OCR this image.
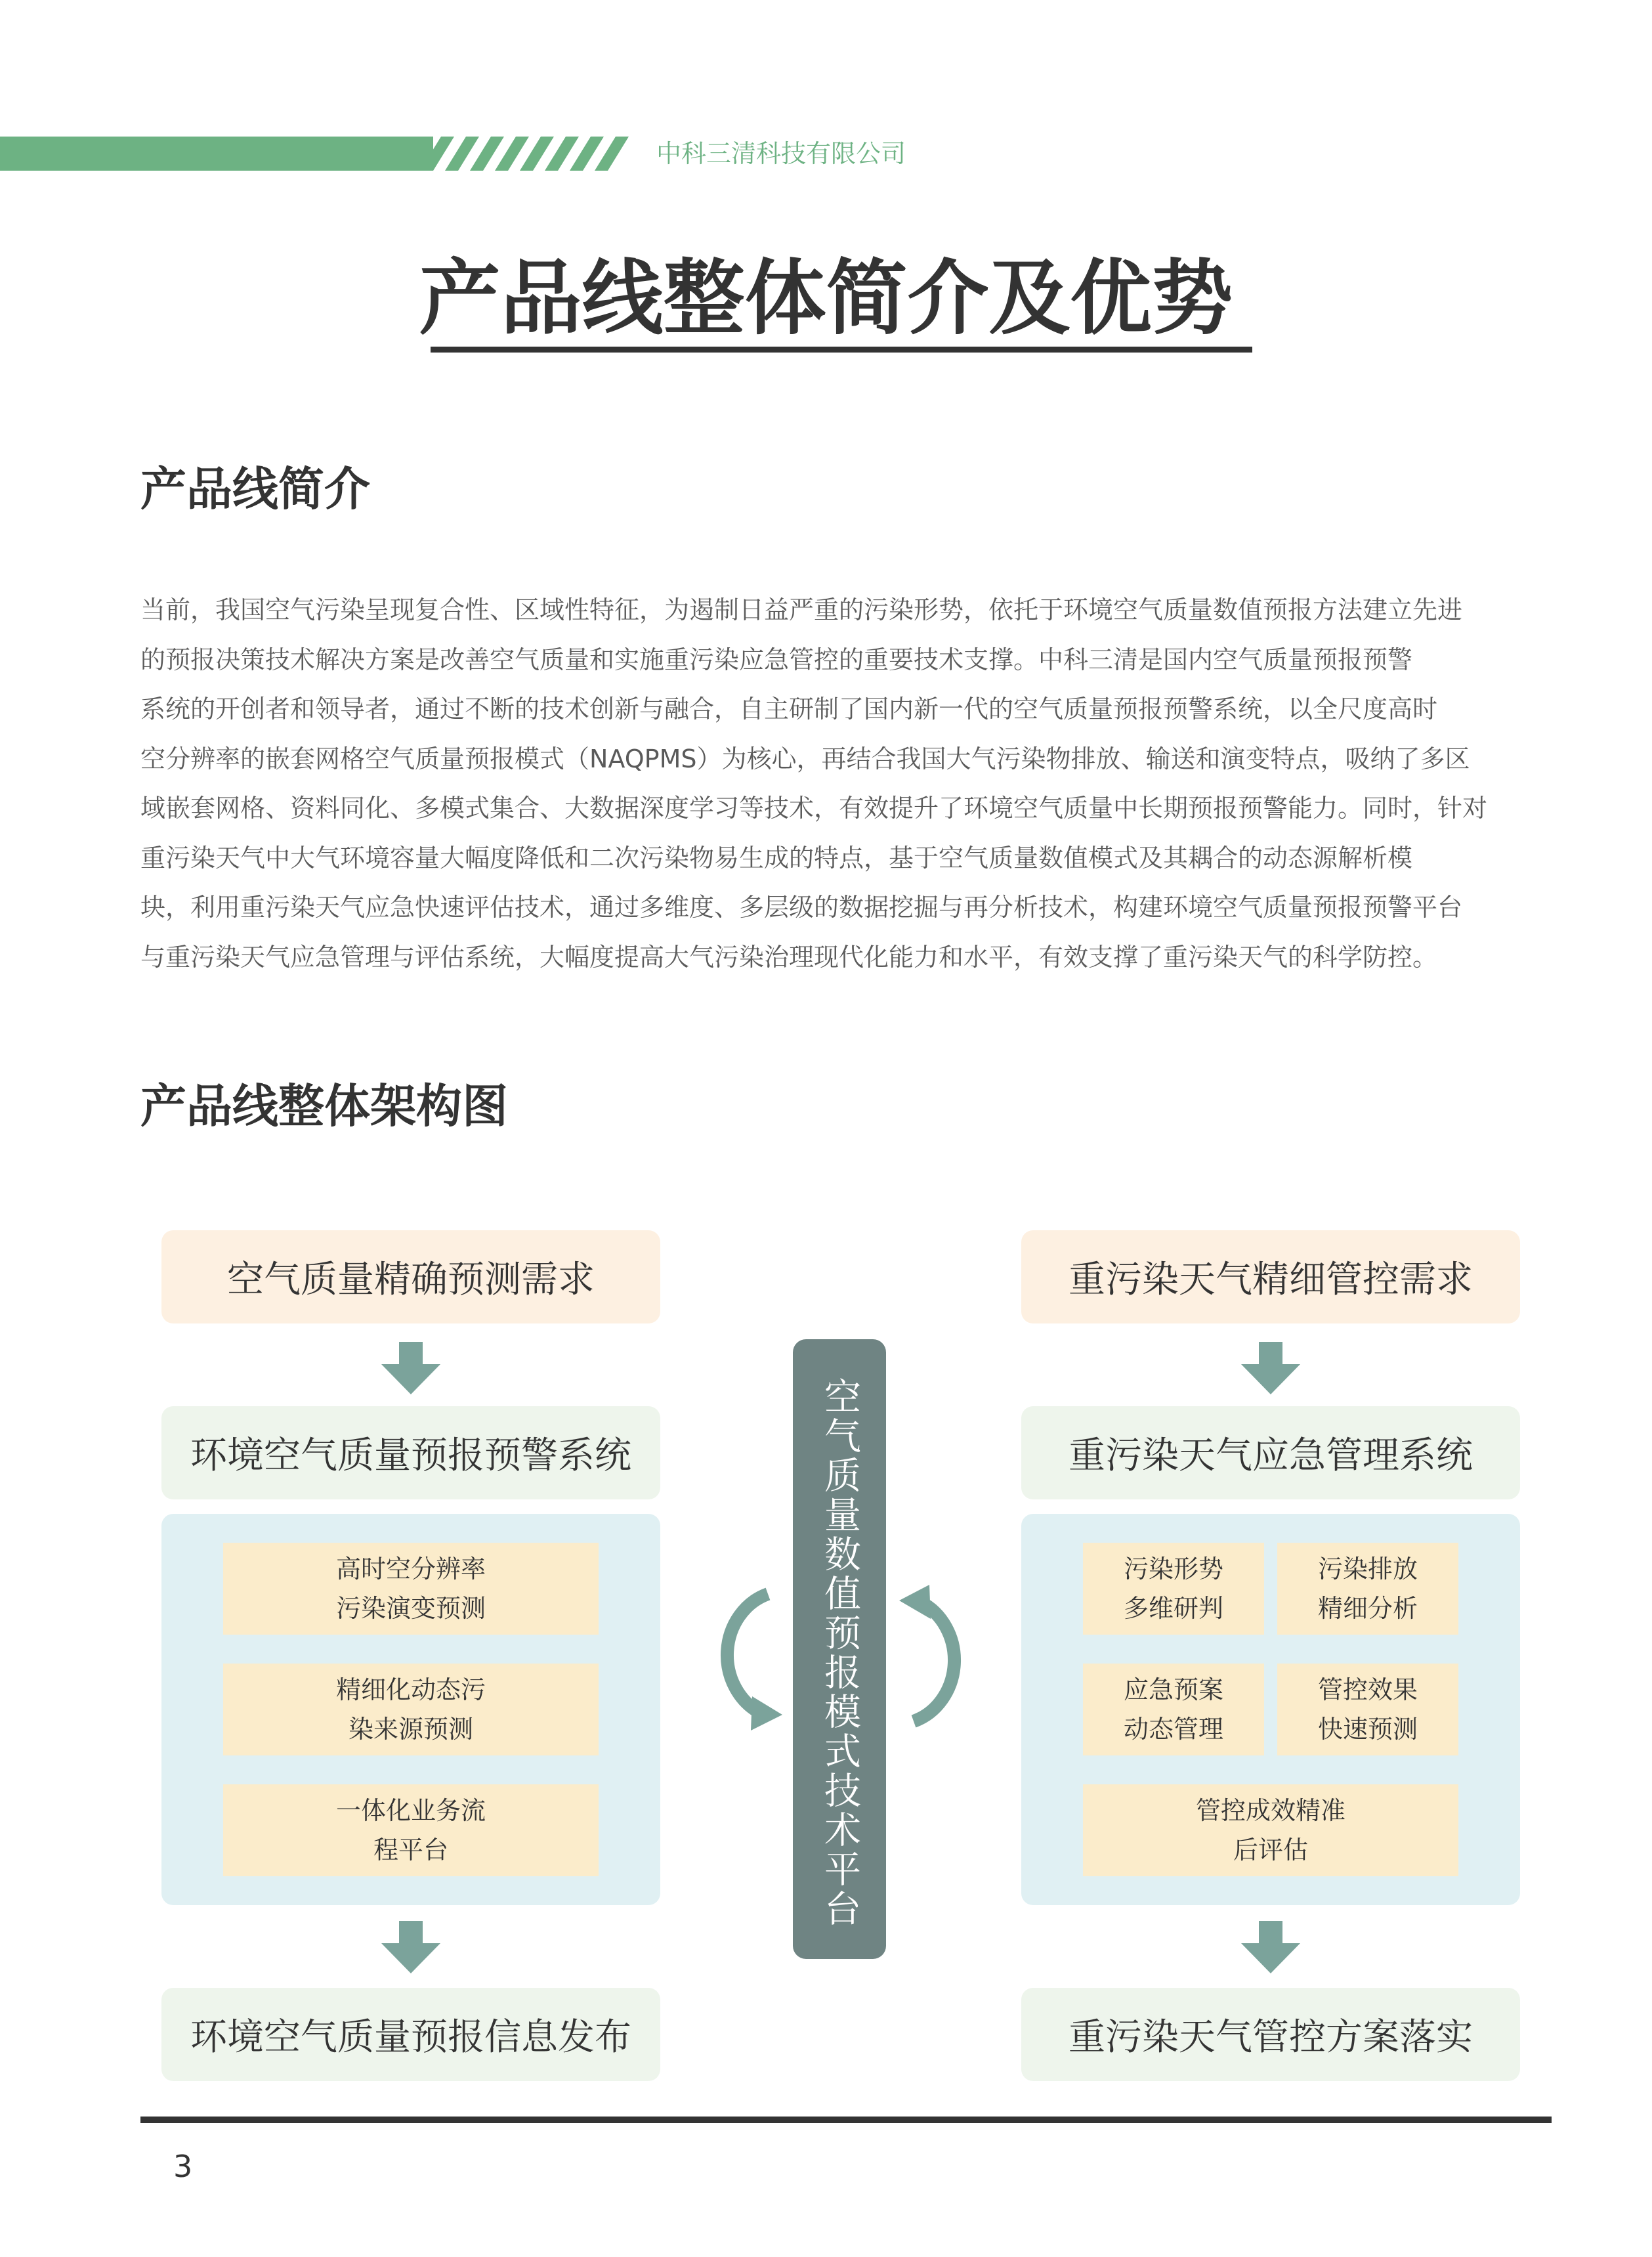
中科三清科技有限公司
产品线整体简介及优势
产品线简介
当前，我国空气污染呈现复合性、区域性特征，为遏制日益严重的污染形势，依托于环境空气质量数值预报方法建立先进
的预报决策技术解决方案是改善空气质量和实施重污染应急管控的重要技术支撑。中科三清是国内空气质量预报预警
系统的开创者和领导者，通过不断的技术创新与融合，自主研制了国内新一代的空气质量预报预警系统，以全尺度高时
空分辨率的嵌套网格空气质量预报模式（NAQPMS）为核心，再结合我国大气污染物排放、输送和演变特点，吸纳了多区
域嵌套网格、资料同化、多模式集合、大数据深度学习等技术，有效提升了环境空气质量中长期预报预警能力。同时，针对
重污染天气中大气环境容量大幅度降低和二次污染物易生成的特点，基于空气质量数值模式及其耦合的动态源解析模
块，利用重污染天气应急快速评估技术，通过多维度、多层级的数据挖掘与再分析技术，构建环境空气质量预报预警平台
与重污染天气应急管理与评估系统，大幅度提高大气污染治理现代化能力和水平，有效支撑了重污染天气的科学防控。
产品线整体架构图
空气质量精确预测需求
环境空气质量预报预警系统
高时空分辨率
污染演变预测
精细化动态污
染来源预测
一体化业务流
程平台
环境空气质量预报信息发布
空气质量数值预报模式技术平台
重污染天气精细管控需求
重污染天气应急管理系统
污染形势
多维研判
污染排放
精细分析
应急预案
动态管理
管控效果
快速预测
管控成效精准
后评估
重污染天气管控方案落实
3
